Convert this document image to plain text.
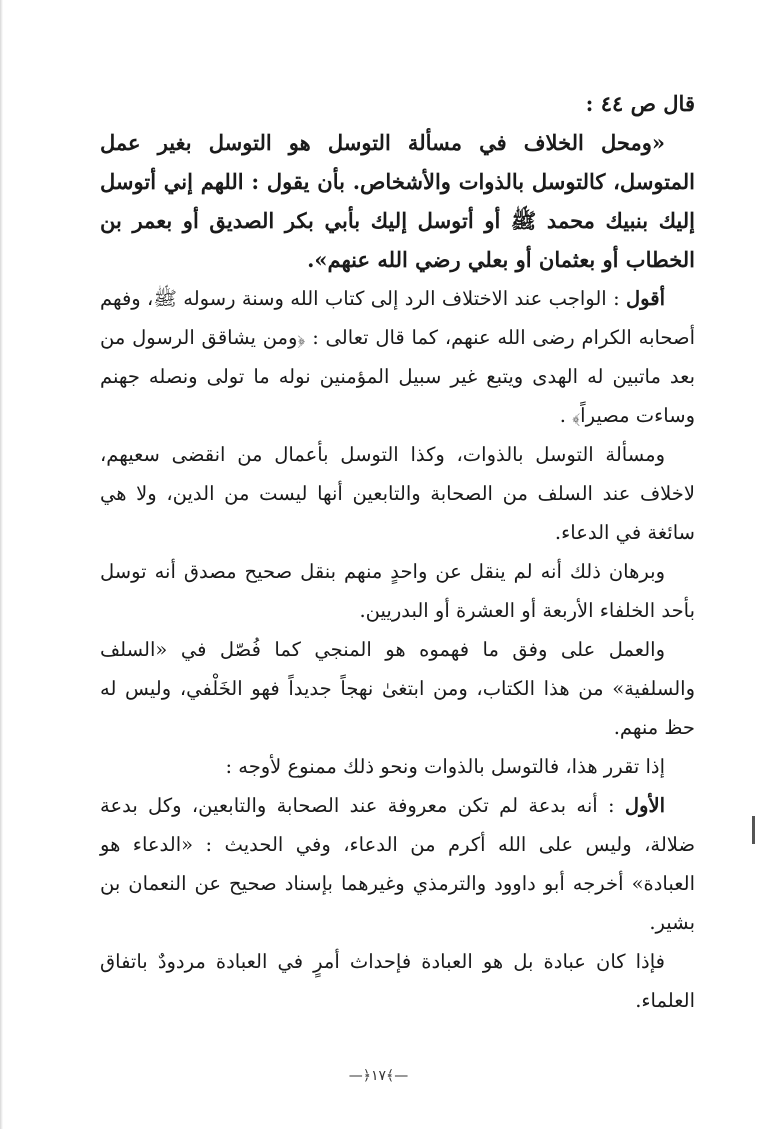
قال ص ٤٤ :

«ومحل الخلاف في مسألة التوسل هو التوسل بغير عمل المتوسل، كالتوسل بالذوات والأشخاص. بأن يقول : اللهم إني أتوسل إليك بنبيك محمد ﷺ أو أتوسل إليك بأبي بكر الصديق أو بعمر بن الخطاب أو بعثمان أو بعلي رضي الله عنهم».

أقول : الواجب عند الاختلاف الرد إلى كتاب الله وسنة رسوله ﷺ، وفهم أصحابه الكرام رضى الله عنهم، كما قال تعالى : ﴿ومن يشاقق الرسول من بعد ماتبين له الهدى ويتبع غير سبيل المؤمنين نوله ما تولى ونصله جهنم وساءت مصيراً﴾ .

ومسألة التوسل بالذوات، وكذا التوسل بأعمال من انقضى سعيهم، لاخلاف عند السلف من الصحابة والتابعين أنها ليست من الدين، ولا هي سائغة في الدعاء.

وبرهان ذلك أنه لم ينقل عن واحدٍ منهم بنقل صحيح مصدق أنه توسل بأحد الخلفاء الأربعة أو العشرة أو البدريين.

والعمل على وفق ما فهموه هو المنجي كما فُصّل في «السلف والسلفية» من هذا الكتاب، ومن ابتغىٰ نهجاً جديداً فهو الخَلْفي، وليس له حظ منهم.

إذا تقرر هذا، فالتوسل بالذوات ونحو ذلك ممنوع لأوجه :

الأول : أنه بدعة لم تكن معروفة عند الصحابة والتابعين، وكل بدعة ضلالة، وليس على الله أكرم من الدعاء، وفي الحديث : «الدعاء هو العبادة» أخرجه أبو داوود والترمذي وغيرهما بإسناد صحيح عن النعمان بن بشير.

فإذا كان عبادة بل هو العبادة فإحداث أمرٍ في العبادة مردودٌ باتفاق العلماء.

—﴿١٧﴾—
